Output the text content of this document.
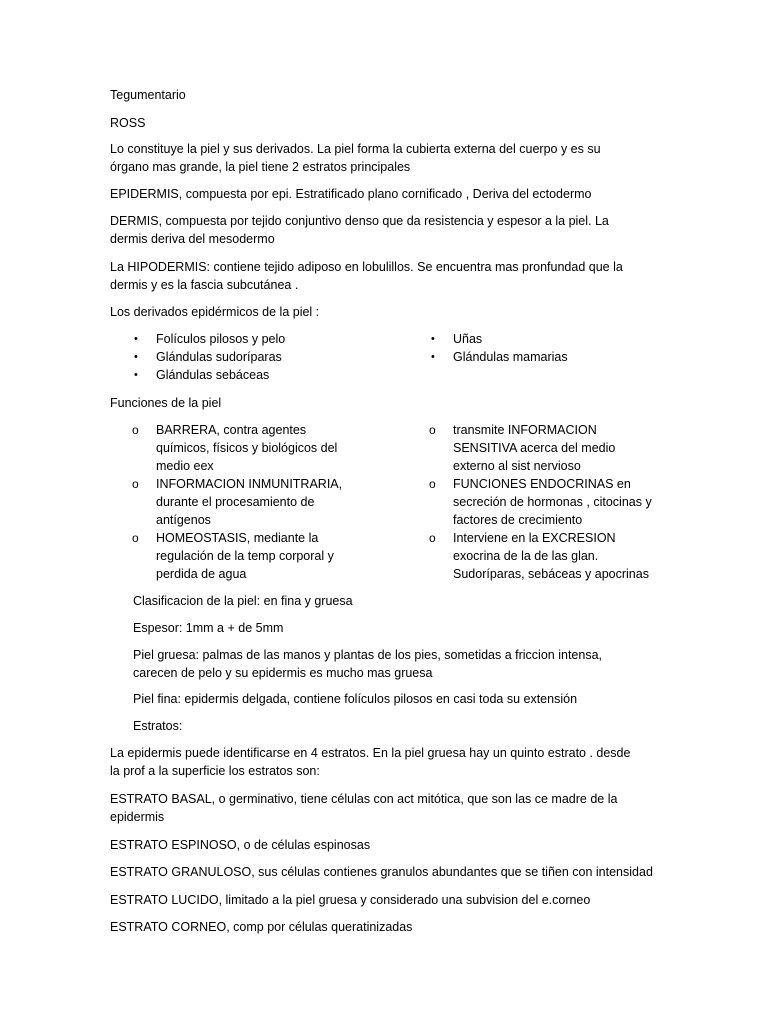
Tegumentario

ROSS

Lo constituye la piel y sus derivados. La piel forma la cubierta externa del cuerpo y es su

órgano mas grande, la piel tiene 2 estratos principales

EPIDERMIS, compuesta por epi. Estratificado plano cornificado , Deriva del ectodermo

DERMIS, compuesta por tejido conjuntivo denso que da resistencia y espesor a la piel. La

dermis deriva del mesodermo

La HIPODERMIS: contiene tejido adiposo en lobulillos. Se encuentra mas pronfundad que la

dermis y es la fascia subcutánea .

Los derivados epidérmicos de la piel :

•	Folículos pilosos y pelo
•	Glándulas sudoríparas
•	Glándulas sebáceas
•	Uñas
•	Glándulas mamarias

Funciones de la piel

o	BARRERA, contra agentes
químicos, físicos y biológicos del
medio eex
o	INFORMACION INMUNITRARIA,
durante el procesamiento de
antígenos
o	HOMEOSTASIS, mediante la
regulación de la temp corporal y
perdida de agua
o	transmite INFORMACION
SENSITIVA acerca del medio
externo al sist nervioso
o	FUNCIONES ENDOCRINAS en
secreción de hormonas , citocinas y
factores de crecimiento
o	Interviene en la EXCRESION
exocrina de la de las glan.
Sudoríparas, sebáceas y apocrinas

Clasificacion de la piel: en fina y gruesa

Espesor: 1mm a + de 5mm

Piel gruesa: palmas de las manos y plantas de los pies, sometidas a friccion intensa,

carecen de pelo y su epidermis es mucho mas gruesa

Piel fina: epidermis delgada, contiene folículos pilosos en casi toda su extensión

Estratos:

La epidermis puede identificarse en 4 estratos. En la piel gruesa hay un quinto estrato . desde

la prof a la superficie los estratos son:

ESTRATO BASAL, o germinativo, tiene células con act mitótica, que son las ce madre de la

epidermis

ESTRATO ESPINOSO, o de células espinosas

ESTRATO GRANULOSO, sus células contienes granulos abundantes que se tiñen con intensidad

ESTRATO LUCIDO, limitado a la piel gruesa y considerado una subvision del e.corneo

ESTRATO CORNEO, comp por células queratinizadas
